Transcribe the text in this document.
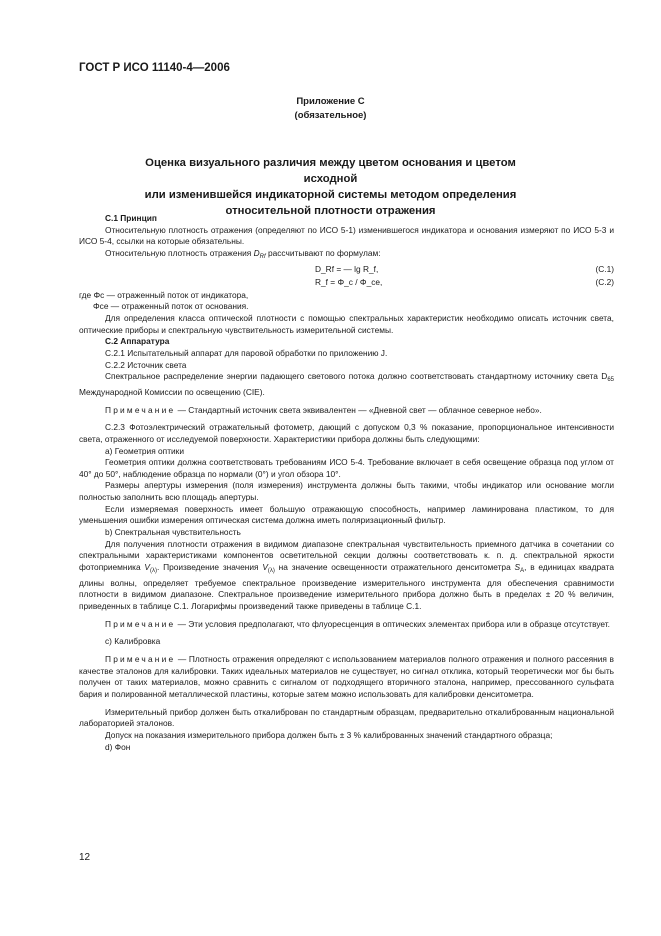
ГОСТ Р ИСО 11140-4—2006
Приложение С
(обязательное)
Оценка визуального различия между цветом основания и цветом исходной
или изменившейся индикаторной системы методом определения
относительной плотности отражения

С.1 Принцип

Относительную плотность отражения (определяют по ИСО 5-1) изменившегося индикатора и основания измеряют по ИСО 5-3 и ИСО 5-4, ссылки на которые обязательны.

Относительную плотность отражения $D_{Rf}$ рассчитывают по формулам:

D_Rf = — lg R_f,	(С.1)
R_f = Φ_c / Φ_ce,	(С.2)

где Φс — отраженный поток от индикатора,

Φсе — отраженный поток от основания.

Для определения класса оптической плотности с помощью спектральных характеристик необходимо описать источник света, оптические приборы и спектральную чувствительность измерительной системы.

С.2 Аппаратура

С.2.1 Испытательный аппарат для паровой обработки по приложению J.

С.2.2 Источник света

Спектральное распределение энергии падающего светового потока должно соответствовать стандартному источнику света $D_{65}$ Международной Комиссии по освещению (CIE).

Примечание — Стандартный источник света эквивалентен — «Дневной свет — облачное северное небо».

С.2.3 Фотоэлектрический отражательный фотометр, дающий с допуском 0,3 % показание, пропорциональное интенсивности света, отраженного от исследуемой поверхности. Характеристики прибора должны быть следующими:

а) Геометрия оптики

Геометрия оптики должна соответствовать требованиям ИСО 5-4. Требование включает в себя освещение образца под углом от 40° до 50°, наблюдение образца по нормали (0°) и угол обзора 10°.

Размеры апертуры измерения (поля измерения) инструмента должны быть такими, чтобы индикатор или основание могли полностью заполнить всю площадь апертуры.

Если измеряемая поверхность имеет большую отражающую способность, например ламинирована пластиком, то для уменьшения ошибки измерения оптическая система должна иметь поляризационный фильтр.

b) Спектральная чувствительность

Для получения плотности отражения в видимом диапазоне спектральная чувствительность приемного датчика в сочетании со спектральными характеристиками компонентов осветительной секции должны соответствовать к. п. д. спектральной яркости фотоприемника $V_{(\lambda)}$. Произведение значения $V_{(\lambda)}$ на значение освещенности отражательного денситометра $S_A$, в единицах квадрата длины волны, определяет требуемое спектральное произведение измерительного инструмента для обеспечения сравнимости плотности в видимом диапазоне. Спектральное произведение измерительного прибора должно быть в пределах ± 20 % величин, приведенных в таблице С.1. Логарифмы произведений также приведены в таблице С.1.

Примечание — Эти условия предполагают, что флуоресценция в оптических элементах прибора или в образце отсутствует.

с) Калибровка

Примечание — Плотность отражения определяют с использованием материалов полного отражения и полного рассеяния в качестве эталонов для калибровки. Таких идеальных материалов не существует, но сигнал отклика, который теоретически мог бы быть получен от таких материалов, можно сравнить с сигналом от подходящего вторичного эталона, например, прессованного сульфата бария и полированной металлической пластины, которые затем можно использовать для калибровки денситометра.

Измерительный прибор должен быть откалиброван по стандартным образцам, предварительно откалиброванным национальной лабораторией эталонов.

Допуск на показания измерительного прибора должен быть ± 3 % калиброванных значений стандартного образца;

d) Фон

12
